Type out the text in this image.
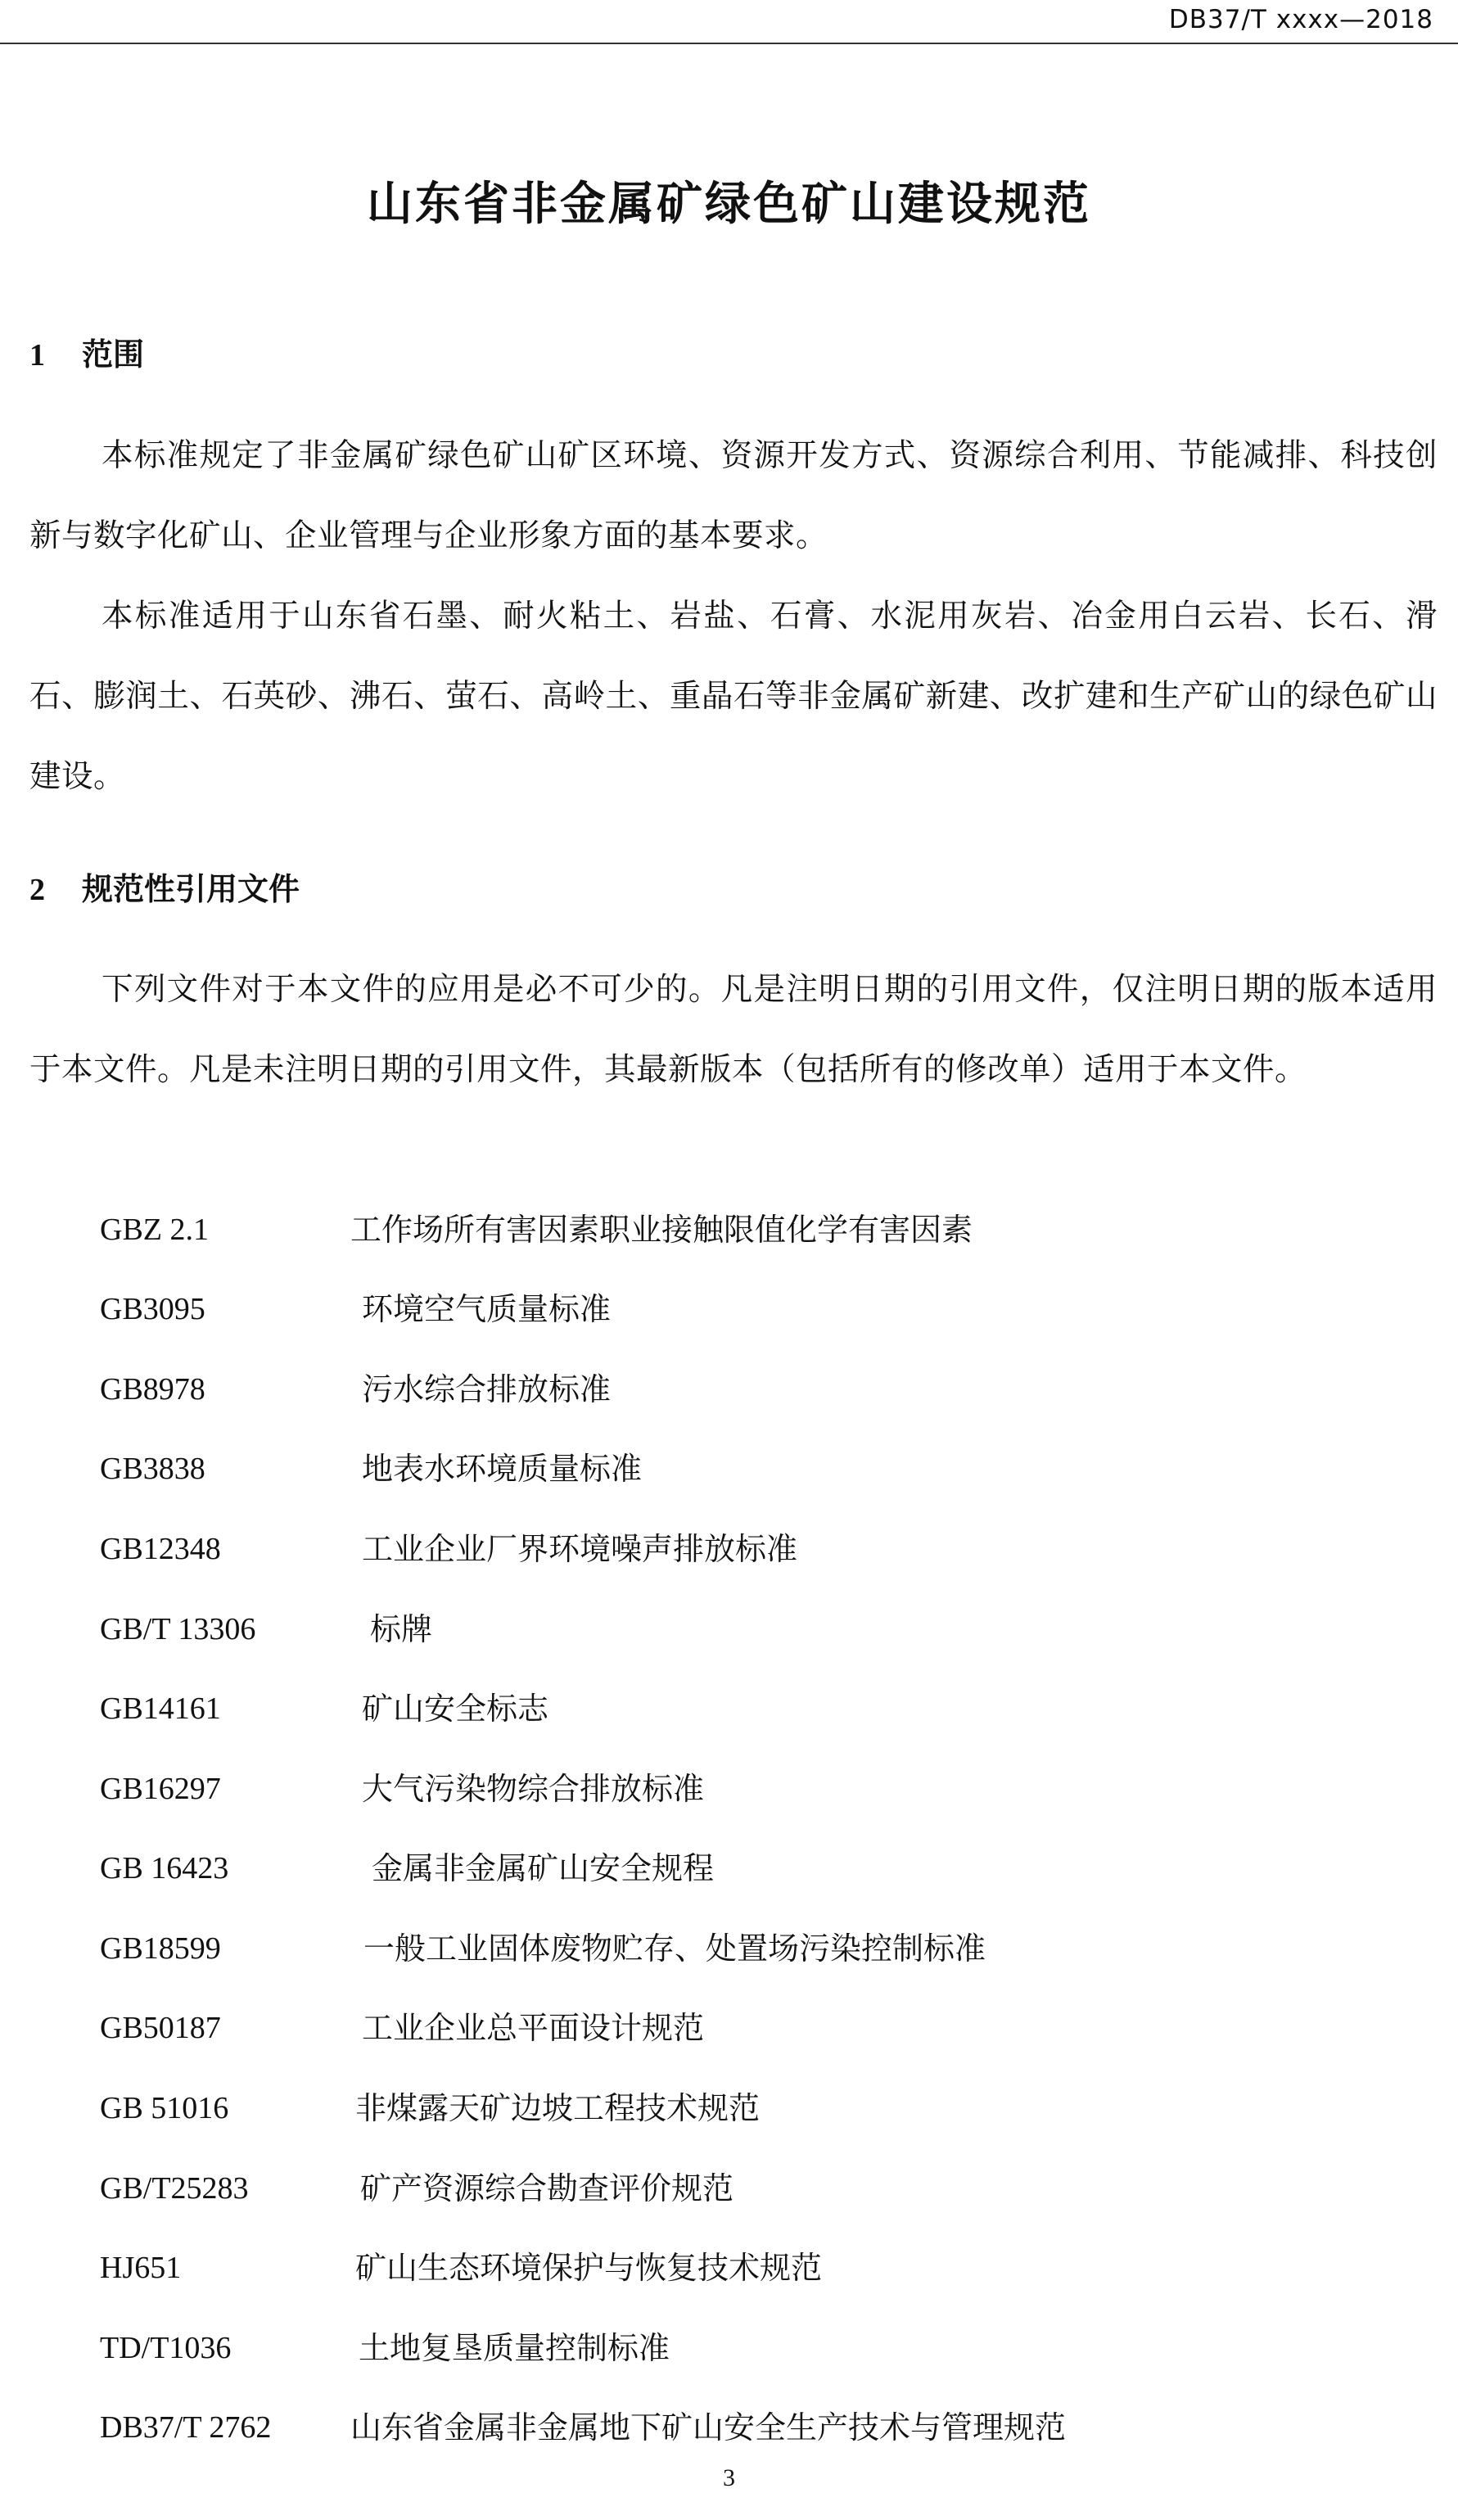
DB37/T xxxx—2018
山东省非金属矿绿色矿山建设规范
1 范围
本标准规定了非金属矿绿色矿山矿区环境、资源开发方式、资源综合利用、节能减排、科技创新与数字化矿山、企业管理与企业形象方面的基本要求。
本标准适用于山东省石墨、耐火粘土、岩盐、石膏、水泥用灰岩、冶金用白云岩、长石、滑石、膨润土、石英砂、沸石、萤石、高岭土、重晶石等非金属矿新建、改扩建和生产矿山的绿色矿山建设。
2 规范性引用文件
下列文件对于本文件的应用是必不可少的。凡是注明日期的引用文件，仅注明日期的版本适用于本文件。凡是未注明日期的引用文件，其最新版本（包括所有的修改单）适用于本文件。
GBZ 2.1	工作场所有害因素职业接触限值化学有害因素
GB3095	环境空气质量标准
GB8978	污水综合排放标准
GB3838	地表水环境质量标准
GB12348	工业企业厂界环境噪声排放标准
GB/T 13306	标牌
GB14161	矿山安全标志
GB16297	大气污染物综合排放标准
GB 16423	金属非金属矿山安全规程
GB18599	一般工业固体废物贮存、处置场污染控制标准
GB50187	工业企业总平面设计规范
GB 51016	非煤露天矿边坡工程技术规范
GB/T25283	矿产资源综合勘查评价规范
HJ651	矿山生态环境保护与恢复技术规范
TD/T1036	土地复垦质量控制标准
DB37/T 2762	山东省金属非金属地下矿山安全生产技术与管理规范
3
